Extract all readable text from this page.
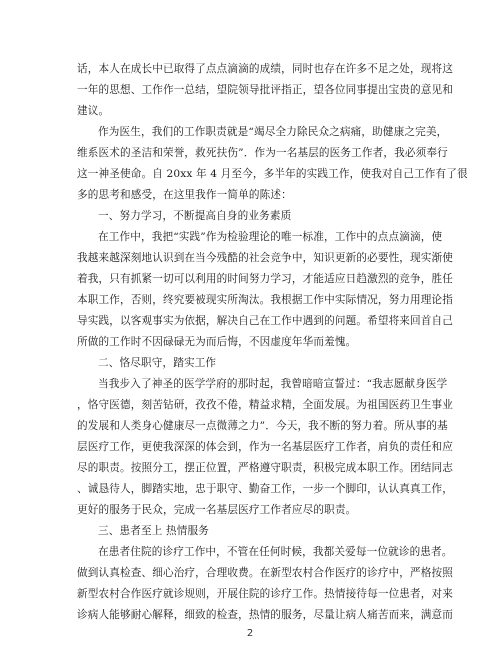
话，本人在成长中已取得了点点滴滴的成绩，同时也存在许多不足之处，现将这
一年的思想、工作作一总结，望院领导批评指正，望各位同事提出宝贵的意见和
建议。
作为医生，我们的工作职责就是“竭尽全力除民众之病痛，助健康之完美，
维系医术的圣洁和荣誉，救死扶伤”．作为一名基层的医务工作者，我必须奉行
这一神圣使命。自 20xx 年 4 月至今，多半年的实践工作，使我对自己工作有了很
多的思考和感受，在这里我作一简单的陈述：
一、努力学习，不断提高自身的业务素质
在工作中，我把“实践”作为检验理论的唯一标准，工作中的点点滴滴，使
我越来越深刻地认识到在当今残酷的社会竞争中，知识更新的必要性，现实渐使
着我，只有抓紧一切可以利用的时间努力学习，才能适应日趋激烈的竞争，胜任
本职工作，否则，终究要被现实所淘汰。我根据工作中实际情况，努力用理论指
导实践，以客观事实为依据，解决自己在工作中遇到的问题。希望将来回首自己
所做的工作时不因碌碌无为而后悔，不因虚度年华而羞愧。
二、恪尽职守，踏实工作
当我步入了神圣的医学学府的那时起，我曾暗暗宣誓过：“我志愿献身医学
，恪守医德，刻苦钻研，孜孜不倦，精益求精，全面发展。为祖国医药卫生事业
的发展和人类身心健康尽一点微薄之力”．今天，我不断的努力着。所从事的基
层医疗工作，更使我深深的体会到，作为一名基层医疗工作者，肩负的责任和应
尽的职责。按照分工，摆正位置，严格遵守职责，积极完成本职工作。团结同志
、诚恳待人，脚踏实地，忠于职守、勤奋工作，一步一个脚印，认认真真工作，
更好的服务于民众，完成一名基层医疗工作者应尽的职责。
三、患者至上 热情服务
在患者住院的诊疗工作中，不管在任何时候，我都关爱每一位就诊的患者。
做到认真检查、细心治疗，合理收费。在新型农村合作医疗的诊疗中，严格按照
新型农村合作医疗就诊规则，开展住院的诊疗工作。热情接待每一位患者，对来
诊病人能够耐心解释，细致的检查，热情的服务，尽量让病人痛苦而来，满意而
2
